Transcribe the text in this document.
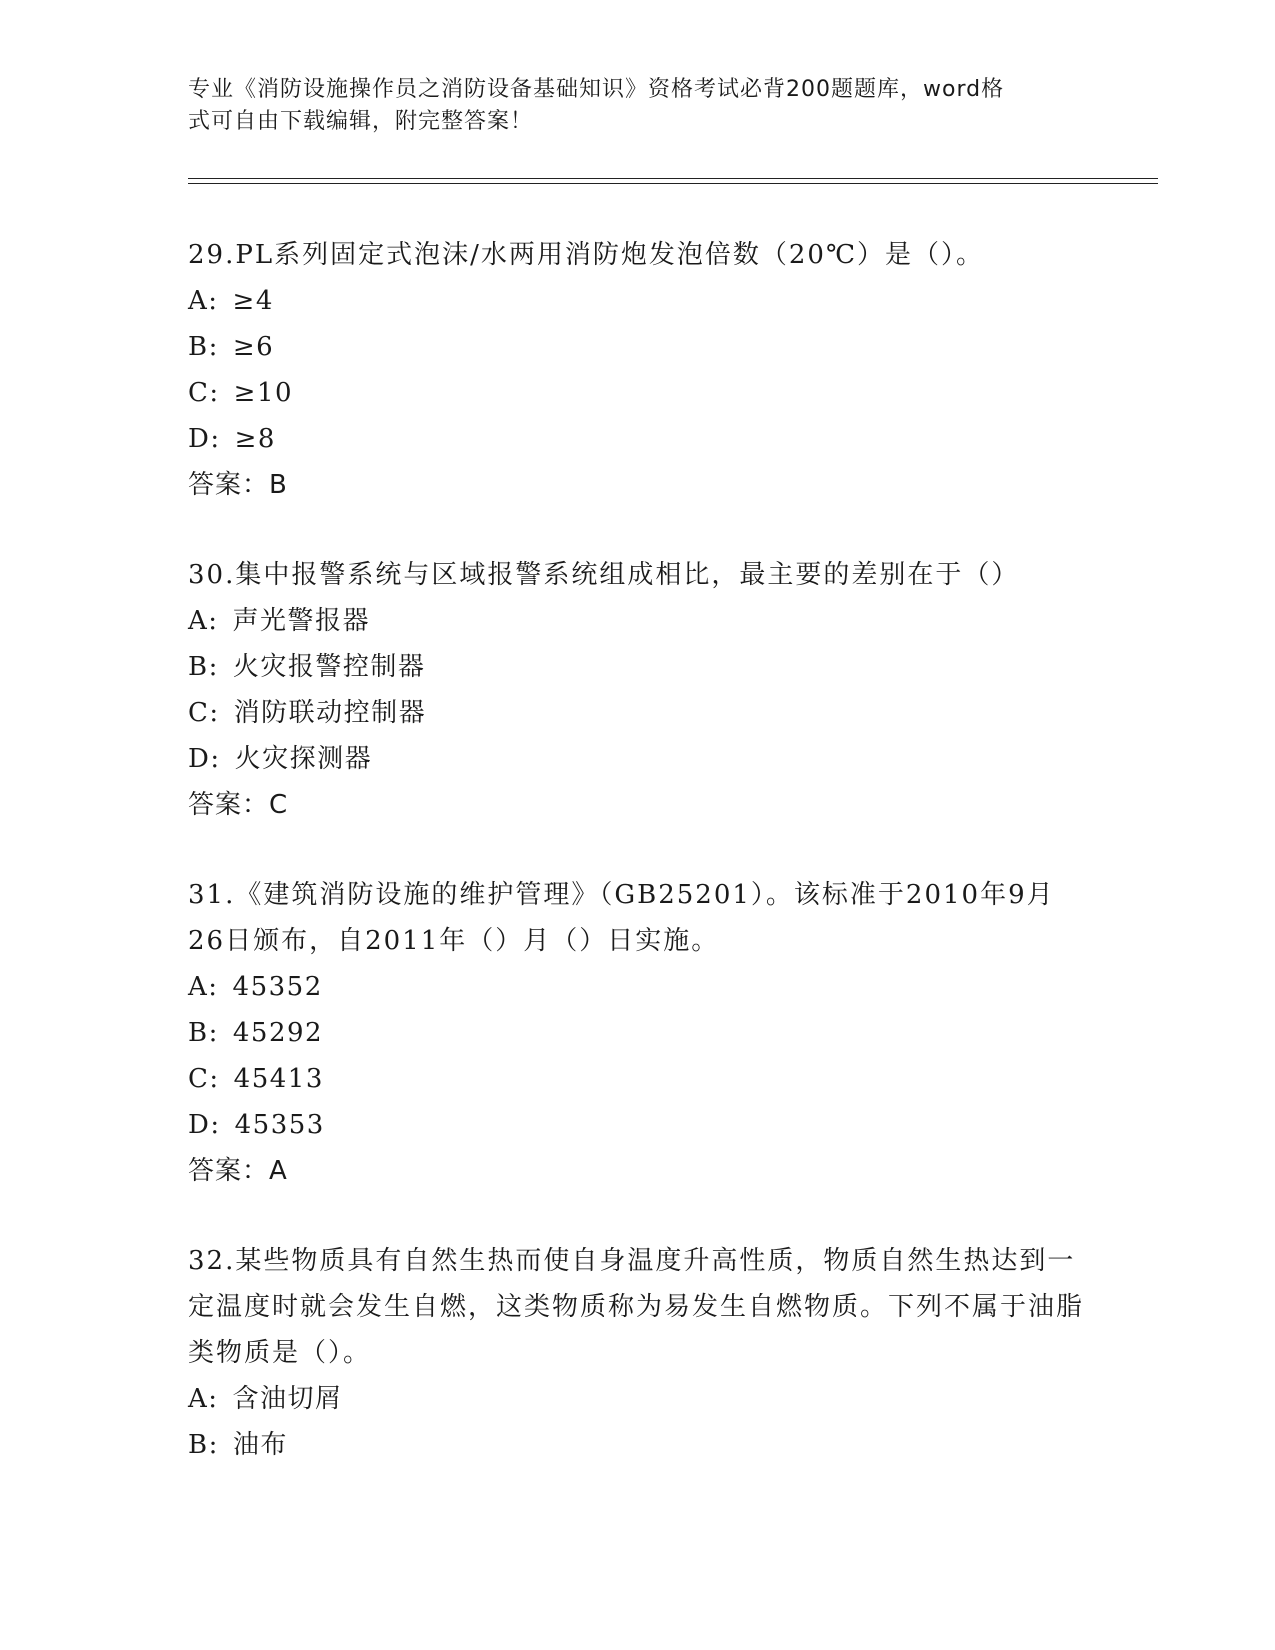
专业《消防设施操作员之消防设备基础知识》资格考试必背200题题库，word格
式可自由下载编辑，附完整答案！

29.PL系列固定式泡沫/水两用消防炮发泡倍数（20℃）是（）。

A: ≥4

B: ≥6

C: ≥10

D: ≥8

答案：B

30.集中报警系统与区域报警系统组成相比，最主要的差别在于（）

A: 声光警报器

B: 火灾报警控制器

C: 消防联动控制器

D: 火灾探测器

答案：C

31.《建筑消防设施的维护管理》（GB25201）。该标准于2010年9月26日颁布，自2011年（）月（）日实施。

A: 45352

B: 45292

C: 45413

D: 45353

答案：A

32.某些物质具有自然生热而使自身温度升高性质，物质自然生热达到一定温度时就会发生自燃，这类物质称为易发生自燃物质。下列不属于油脂类物质是（）。

A: 含油切屑

B: 油布
